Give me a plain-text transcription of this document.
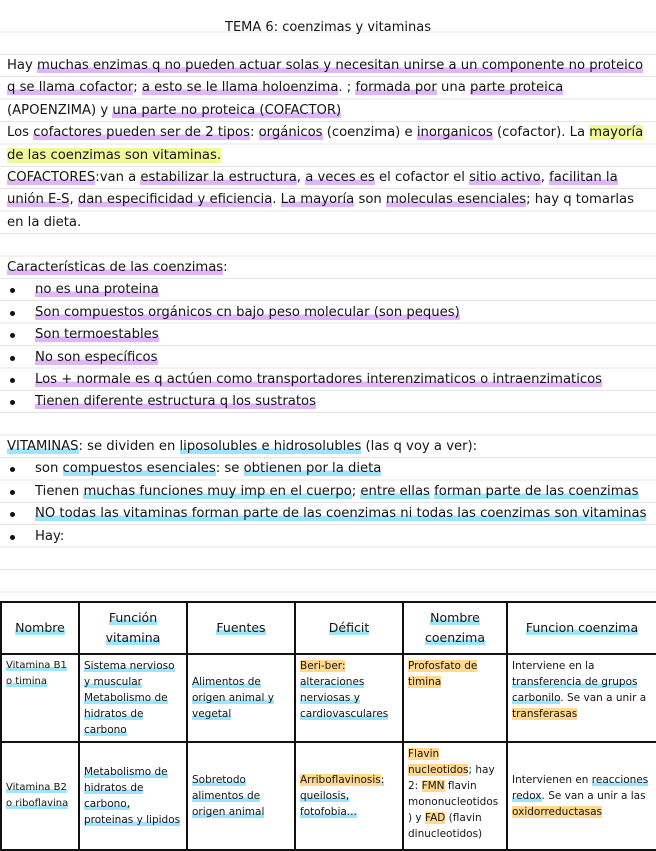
TEMA 6: coenzimas y vitaminas
Hay muchas enzimas q no pueden actuar solas y necesitan unirse a un componente no proteico q se llama cofactor; a esto se le llama holoenzima. ; formada por una parte proteica (APOENZIMA) y una parte no proteica (COFACTOR)
Los cofactores pueden ser de 2 tipos: orgánicos (coenzima) e inorganicos (cofactor). La mayoría de las coenzimas son vitaminas.
COFACTORES:van a estabilizar la estructura, a veces es el cofactor el sitio activo, facilitan la unión E-S, dan especificidad y eficiencia. La mayoría son moleculas esenciales; hay q tomarlas en la dieta.
Características de las coenzimas:
no es una proteina
Son compuestos orgánicos cn bajo peso molecular (son peques)
Son termoestables
No son específicos
Los + normale es q actúen como transportadores interenzimaticos o intraenzimaticos
Tienen diferente estructura q los sustratos
VITAMINAS: se dividen en liposolubles e hidrosolubles (las q voy a ver):
son compuestos esenciales: se obtienen por la dieta
Tienen muchas funciones muy imp en el cuerpo; entre ellas forman parte de las coenzimas
NO todas las vitaminas forman parte de las coenzimas ni todas las coenzimas son vitaminas
Hay:
Nombre	Función vitamina	Fuentes	Déficit	Nombre coenzima	Funcion coenzima
Vitamina B1 o timina	Sistema nervioso y muscular Metabolismo de hidratos de carbono	Alimentos de origen animal y vegetal	Beri-ber: alteraciones nerviosas y cardiovasculares	Profosfato de timina	Interviene en la transferencia de grupos carbonilo. Se van a unir a transferasas
Vitamina B2 o riboflavina	Metabolismo de hidratos de carbono, proteinas y lipidos	Sobretodo alimentos de origen animal	Arriboflavinosis: queilosis, fotofobia...	Flavin nucleotidos; hay 2: FMN flavin mononucleotidos ) y FAD (flavin dinucleotidos)	Intervienen en reacciones redox. Se van a unir a las oxidorreductasas
